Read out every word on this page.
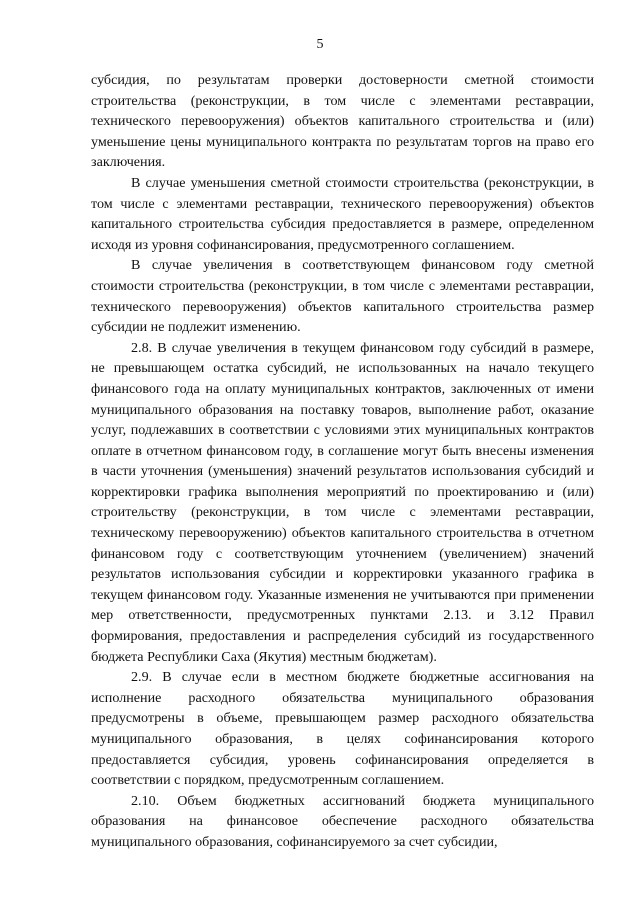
5

субсидия, по результатам проверки достоверности сметной стоимости строительства (реконструкции, в том числе с элементами реставрации, технического перевооружения) объектов капитального строительства и (или) уменьшение цены муниципального контракта по результатам торгов на право его заключения.

В случае уменьшения сметной стоимости строительства (реконструкции, в том числе с элементами реставрации, технического перевооружения) объектов капитального строительства субсидия предоставляется в размере, определенном исходя из уровня софинансирования, предусмотренного соглашением.

В случае увеличения в соответствующем финансовом году сметной стоимости строительства (реконструкции, в том числе с элементами реставрации, технического перевооружения) объектов капитального строительства размер субсидии не подлежит изменению.

2.8. В случае увеличения в текущем финансовом году субсидий в размере, не превышающем остатка субсидий, не использованных на начало текущего финансового года на оплату муниципальных контрактов, заключенных от имени муниципального образования на поставку товаров, выполнение работ, оказание услуг, подлежавших в соответствии с условиями этих муниципальных контрактов оплате в отчетном финансовом году, в соглашение могут быть внесены изменения в части уточнения (уменьшения) значений результатов использования субсидий и корректировки графика выполнения мероприятий по проектированию и (или) строительству (реконструкции, в том числе с элементами реставрации, техническому перевооружению) объектов капитального строительства в отчетном финансовом году с соответствующим уточнением (увеличением) значений результатов использования субсидии и корректировки указанного графика в текущем финансовом году. Указанные изменения не учитываются при применении мер ответственности, предусмотренных пунктами 2.13. и 3.12 Правил формирования, предоставления и распределения субсидий из государственного бюджета Республики Саха (Якутия) местным бюджетам).

2.9. В случае если в местном бюджете бюджетные ассигнования на исполнение расходного обязательства муниципального образования предусмотрены в объеме, превышающем размер расходного обязательства муниципального образования, в целях софинансирования которого предоставляется субсидия, уровень софинансирования определяется в соответствии с порядком, предусмотренным соглашением.

2.10. Объем бюджетных ассигнований бюджета муниципального образования на финансовое обеспечение расходного обязательства муниципального образования, софинансируемого за счет субсидии,
